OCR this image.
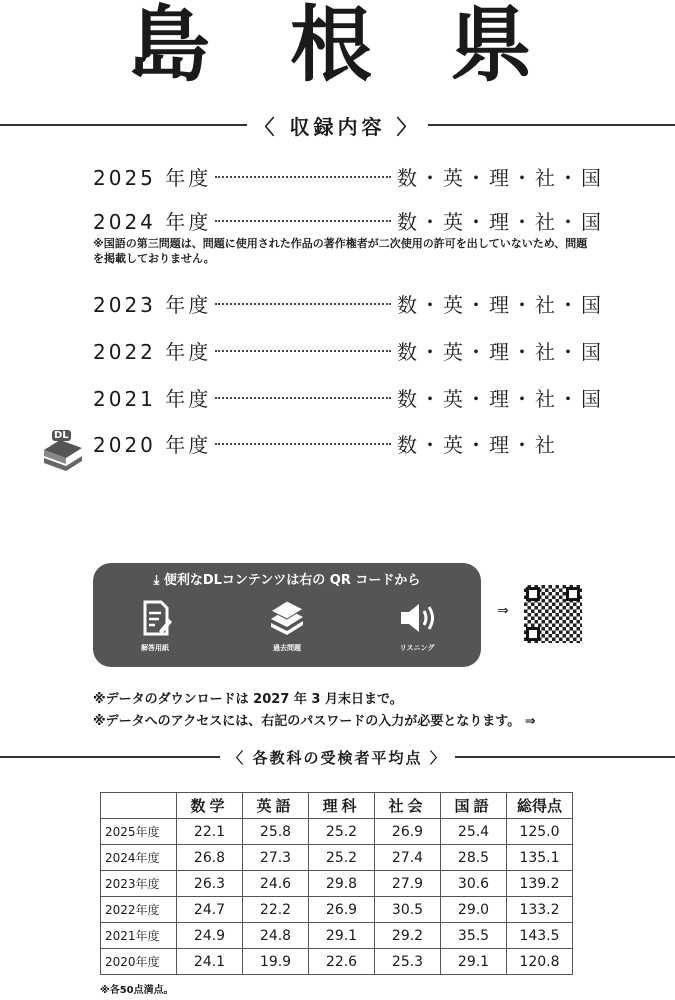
島 根 県
〈 収録内容 〉
2025 年度	数・英・理・社・国
2024 年度	数・英・理・社・国
※国語の第三問題は、問題に使用された作品の著作権者が二次使用の許可を出していないため、問題を掲載しておりません。
2023 年度	数・英・理・社・国
2022 年度	数・英・理・社・国
2021 年度	数・英・理・社・国
2020 年度	数・英・理・社
DL
⤓ 便利なDLコンテンツは右の QR コードから
解答用紙	過去問題	リスニング
⇒
※データのダウンロードは 2027 年 3 月末日まで。
※データへのアクセスには、右記のパスワードの入力が必要となります。 ⇒
〈 各教科の受検者平均点 〉
	数学	英語	理科	社会	国語	総得点
2025年度	22.1	25.8	25.2	26.9	25.4	125.0
2024年度	26.8	27.3	25.2	27.4	28.5	135.1
2023年度	26.3	24.6	29.8	27.9	30.6	139.2
2022年度	24.7	22.2	26.9	30.5	29.0	133.2
2021年度	24.9	24.8	29.1	29.2	35.5	143.5
2020年度	24.1	19.9	22.6	25.3	29.1	120.8
※各50点満点。
